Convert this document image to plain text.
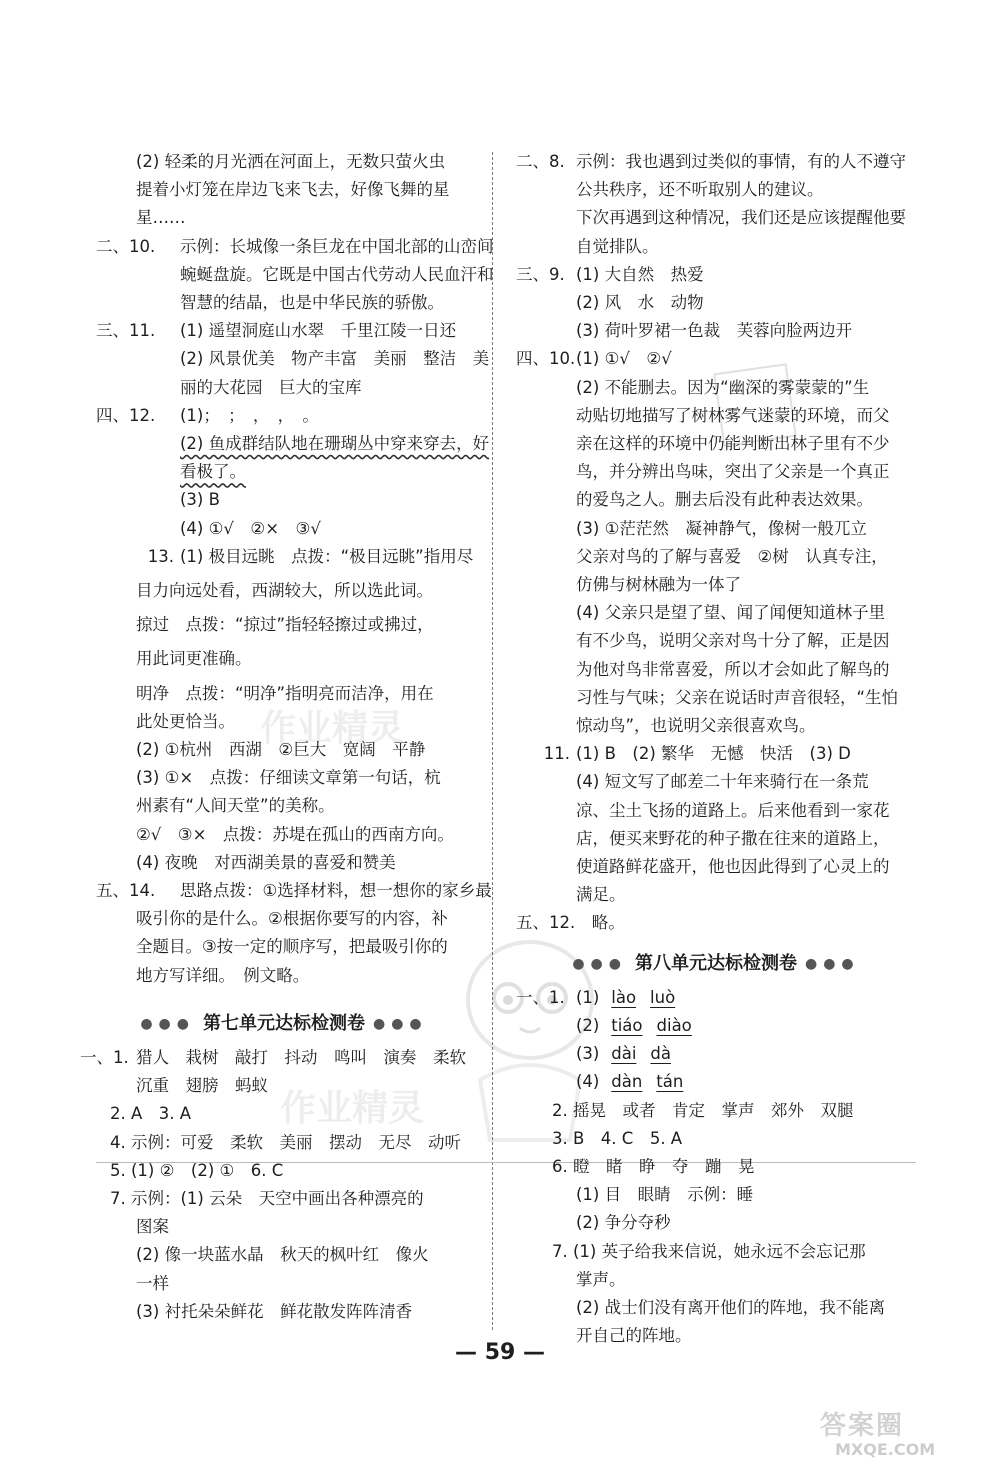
作业精灵
作业精灵
(2) 轻柔的月光洒在河面上，无数只萤火虫
提着小灯笼在岸边飞来飞去，好像飞舞的星
星……
二、10. 示例：长城像一条巨龙在中国北部的山峦间
蜿蜒盘旋。它既是中国古代劳动人民血汗和
智慧的结晶，也是中华民族的骄傲。
三、11. (1) 遥望洞庭山水翠　千里江陵一日还
(2) 风景优美　物产丰富　美丽　整洁　美
丽的大花园　巨大的宝库
四、12. (1)；　；　，　，　。
(2) 鱼成群结队地在珊瑚丛中穿来穿去，好
看极了。
(3) B
(4) ①√　②×　③√
13. (1) 极目远眺　点拨：“极目远眺”指用尽
目力向远处看，西湖较大，所以选此词。
掠过　点拨：“掠过”指轻轻擦过或拂过，
用此词更准确。
明净　点拨：“明净”指明亮而洁净，用在
此处更恰当。
(2) ①杭州　西湖　②巨大　宽阔　平静
(3) ①×　点拨：仔细读文章第一句话，杭
州素有“人间天堂”的美称。
②√　③×　点拨：苏堤在孤山的西南方向。
(4) 夜晚　对西湖美景的喜爱和赞美
五、14. 思路点拨：①选择材料，想一想你的家乡最
吸引你的是什么。②根据你要写的内容，补
全题目。③按一定的顺序写，把最吸引你的
地方写详细。　例文略。
●●● 第七单元达标检测卷 ●●●
一、1. 猎人　栽树　敲打　抖动　鸣叫　演奏　柔软
沉重　翅膀　蚂蚁
2. A　3. A
4. 示例：可爱　柔软　美丽　摆动　无尽　动听
5. (1) ②　(2) ①　6. C
7. 示例：(1) 云朵　天空中画出各种漂亮的
图案
(2) 像一块蓝水晶　秋天的枫叶红　像火
一样
(3) 衬托朵朵鲜花　鲜花散发阵阵清香
二、8. 示例：我也遇到过类似的事情，有的人不遵守
公共秩序，还不听取别人的建议。
下次再遇到这种情况，我们还是应该提醒他要
自觉排队。
三、9. (1) 大自然　热爱
(2) 风　水　动物
(3) 荷叶罗裙一色裁　芙蓉向脸两边开
四、10.(1) ①√　②√
(2) 不能删去。因为“幽深的雾蒙蒙的”生
动贴切地描写了树林雾气迷蒙的环境，而父
亲在这样的环境中仍能判断出林子里有不少
鸟，并分辨出鸟味，突出了父亲是一个真正
的爱鸟之人。删去后没有此种表达效果。
(3) ①茫茫然　凝神静气，像树一般兀立
父亲对鸟的了解与喜爱　②树　认真专注，
仿佛与树林融为一体了
(4) 父亲只是望了望、闻了闻便知道林子里
有不少鸟，说明父亲对鸟十分了解，正是因
为他对鸟非常喜爱，所以才会如此了解鸟的
习性与气味；父亲在说话时声音很轻，“生怕
惊动鸟”，也说明父亲很喜欢鸟。
11. (1) B　(2) 繁华　无憾　快活　(3) D
(4) 短文写了邮差二十年来骑行在一条荒
凉、尘土飞扬的道路上。后来他看到一家花
店，便买来野花的种子撒在往来的道路上，
使道路鲜花盛开，他也因此得到了心灵上的
满足。
五、12.　略。
●●● 第八单元达标检测卷 ●●●
一、1. (1) lào luò
(2) tiáo diào
(3) dài dà
(4) dàn tán
2. 摇晃　或者　肯定　掌声　郊外　双腿
3. B　4. C　5. A
6. 瞪　睹　睁　夺　蹦　晃
(1) 目　眼睛　示例：睡
(2) 争分夺秒
7. (1) 英子给我来信说，她永远不会忘记那
掌声。
(2) 战士们没有离开他们的阵地，我不能离
开自己的阵地。
— 59 —
答案圈
MXQE.COM
